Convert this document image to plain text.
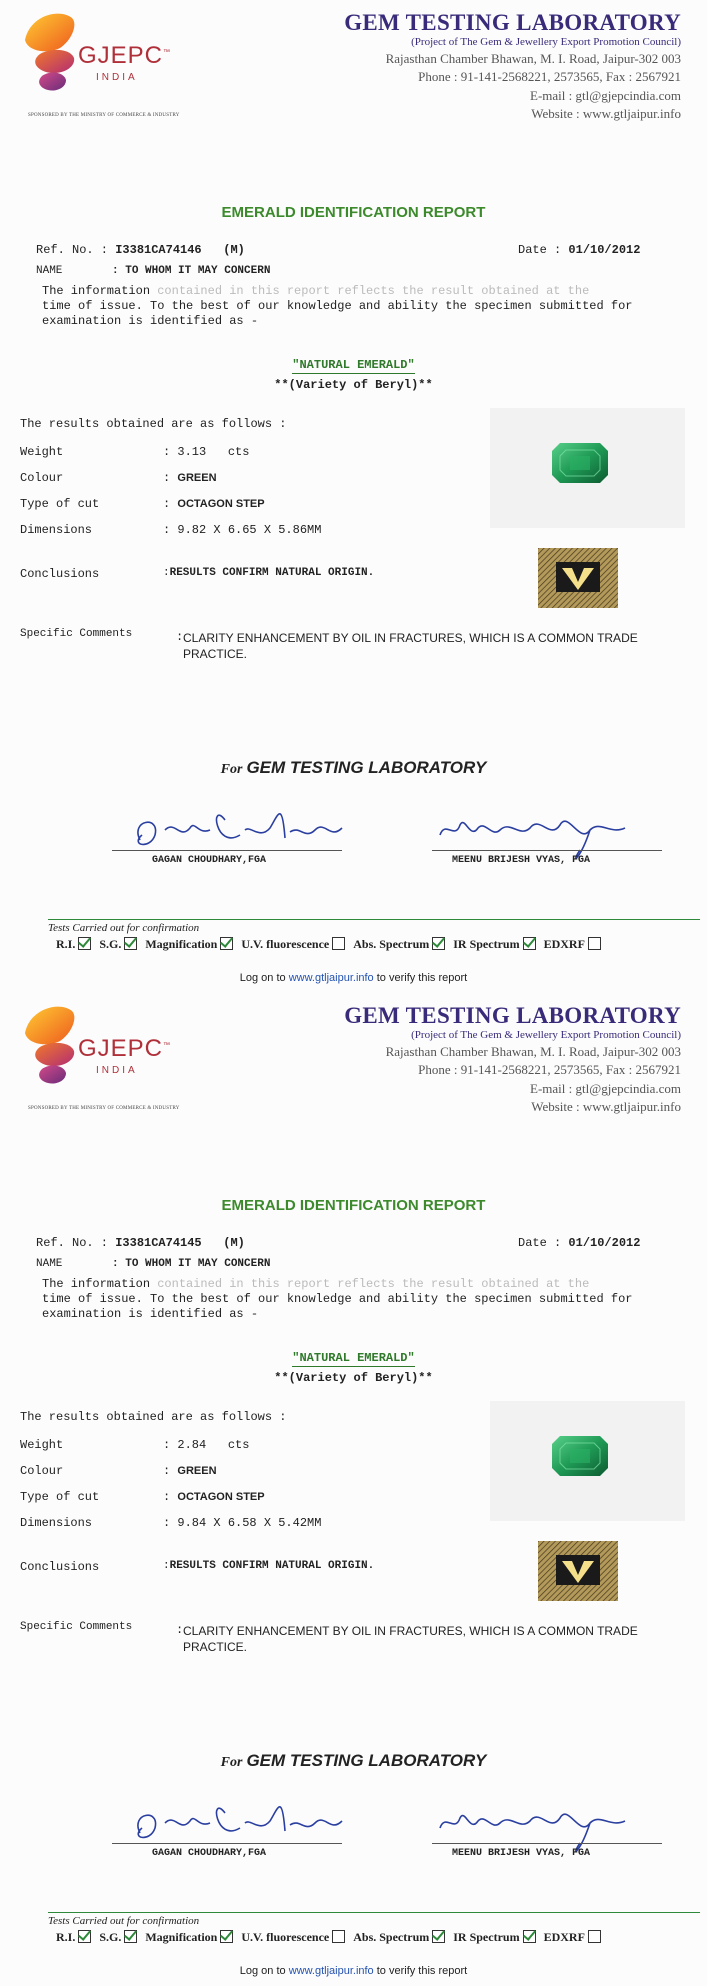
GJEPC™
INDIA
SPONSORED BY THE MINISTRY OF COMMERCE & INDUSTRY
GEM TESTING LABORATORY
(Project of The Gem & Jewellery Export Promotion Council)
Rajasthan Chamber Bhawan, M. I. Road, Jaipur-302 003
Phone : 91-141-2568221, 2573565, Fax : 2567921
E-mail : gtl@gjepcindia.com
Website : www.gtljaipur.info
EMERALD IDENTIFICATION REPORT
Ref. No. : I3381CA74146 (M)	Date : 01/10/2012
NAME	: TO WHOM IT MAY CONCERN
The information contained in this report reflects the result obtained at the
time of issue. To the best of our knowledge and ability the specimen submitted for
examination is identified as -
"NATURAL EMERALD"
**(Variety of Beryl)**
The results obtained are as follows :
Weight	: 3.13 cts
Colour	: GREEN
Type of cut	: OCTAGON STEP
Dimensions	: 9.82 X 6.65 X 5.86MM
Conclusions	:RESULTS CONFIRM NATURAL ORIGIN.
Specific Comments	: CLARITY ENHANCEMENT BY OIL IN FRACTURES, WHICH IS A COMMON TRADE PRACTICE.
For GEM TESTING LABORATORY
GAGAN CHOUDHARY,FGA	MEENU BRIJESH VYAS, FGA
Tests Carried out for confirmation
R.I. S.G. Magnification U.V. fluorescence Abs. Spectrum IR Spectrum EDXRF
Log on to www.gtljaipur.info to verify this report
GJEPC™
INDIA
SPONSORED BY THE MINISTRY OF COMMERCE & INDUSTRY
GEM TESTING LABORATORY
(Project of The Gem & Jewellery Export Promotion Council)
Rajasthan Chamber Bhawan, M. I. Road, Jaipur-302 003
Phone : 91-141-2568221, 2573565, Fax : 2567921
E-mail : gtl@gjepcindia.com
Website : www.gtljaipur.info
EMERALD IDENTIFICATION REPORT
Ref. No. : I3381CA74145 (M)	Date : 01/10/2012
NAME	: TO WHOM IT MAY CONCERN
The information contained in this report reflects the result obtained at the
time of issue. To the best of our knowledge and ability the specimen submitted for
examination is identified as -
"NATURAL EMERALD"
**(Variety of Beryl)**
The results obtained are as follows :
Weight	: 2.84 cts
Colour	: GREEN
Type of cut	: OCTAGON STEP
Dimensions	: 9.84 X 6.58 X 5.42MM
Conclusions	:RESULTS CONFIRM NATURAL ORIGIN.
Specific Comments	: CLARITY ENHANCEMENT BY OIL IN FRACTURES, WHICH IS A COMMON TRADE PRACTICE.
For GEM TESTING LABORATORY
GAGAN CHOUDHARY,FGA	MEENU BRIJESH VYAS, FGA
Tests Carried out for confirmation
R.I. S.G. Magnification U.V. fluorescence Abs. Spectrum IR Spectrum EDXRF
Log on to www.gtljaipur.info to verify this report
